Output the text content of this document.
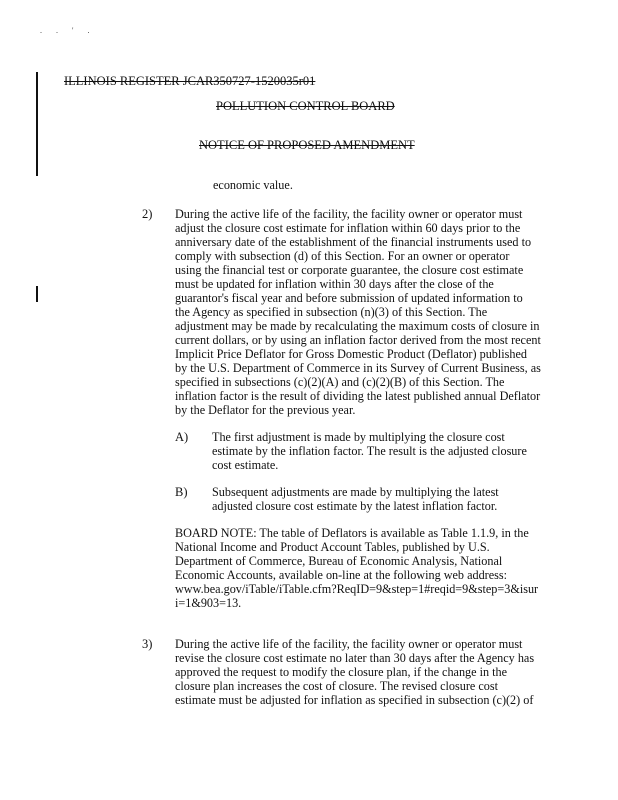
. . ' .
ILLINOIS REGISTER JCAR350727-1520035r01
POLLUTION CONTROL BOARD
NOTICE OF PROPOSED AMENDMENT
economic value.
2) During the active life of the facility, the facility owner or operator must
adjust the closure cost estimate for inflation within 60 days prior to the
anniversary date of the establishment of the financial instruments used to
comply with subsection (d) of this Section. For an owner or operator
using the financial test or corporate guarantee, the closure cost estimate
must be updated for inflation within 30 days after the close of the
guarantor's fiscal year and before submission of updated information to
the Agency as specified in subsection (n)(3) of this Section. The
adjustment may be made by recalculating the maximum costs of closure in
current dollars, or by using an inflation factor derived from the most recent
Implicit Price Deflator for Gross Domestic Product (Deflator) published
by the U.S. Department of Commerce in its Survey of Current Business, as
specified in subsections (c)(2)(A) and (c)(2)(B) of this Section. The
inflation factor is the result of dividing the latest published annual Deflator
by the Deflator for the previous year.
A) The first adjustment is made by multiplying the closure cost
estimate by the inflation factor. The result is the adjusted closure
cost estimate.
B) Subsequent adjustments are made by multiplying the latest
adjusted closure cost estimate by the latest inflation factor.
BOARD NOTE: The table of Deflators is available as Table 1.1.9, in the
National Income and Product Account Tables, published by U.S.
Department of Commerce, Bureau of Economic Analysis, National
Economic Accounts, available on-line at the following web address:
www.bea.gov/iTable/iTable.cfm?ReqID=9&step=1#reqid=9&step=3&isur
i=1&903=13.
3) During the active life of the facility, the facility owner or operator must
revise the closure cost estimate no later than 30 days after the Agency has
approved the request to modify the closure plan, if the change in the
closure plan increases the cost of closure. The revised closure cost
estimate must be adjusted for inflation as specified in subsection (c)(2) of
